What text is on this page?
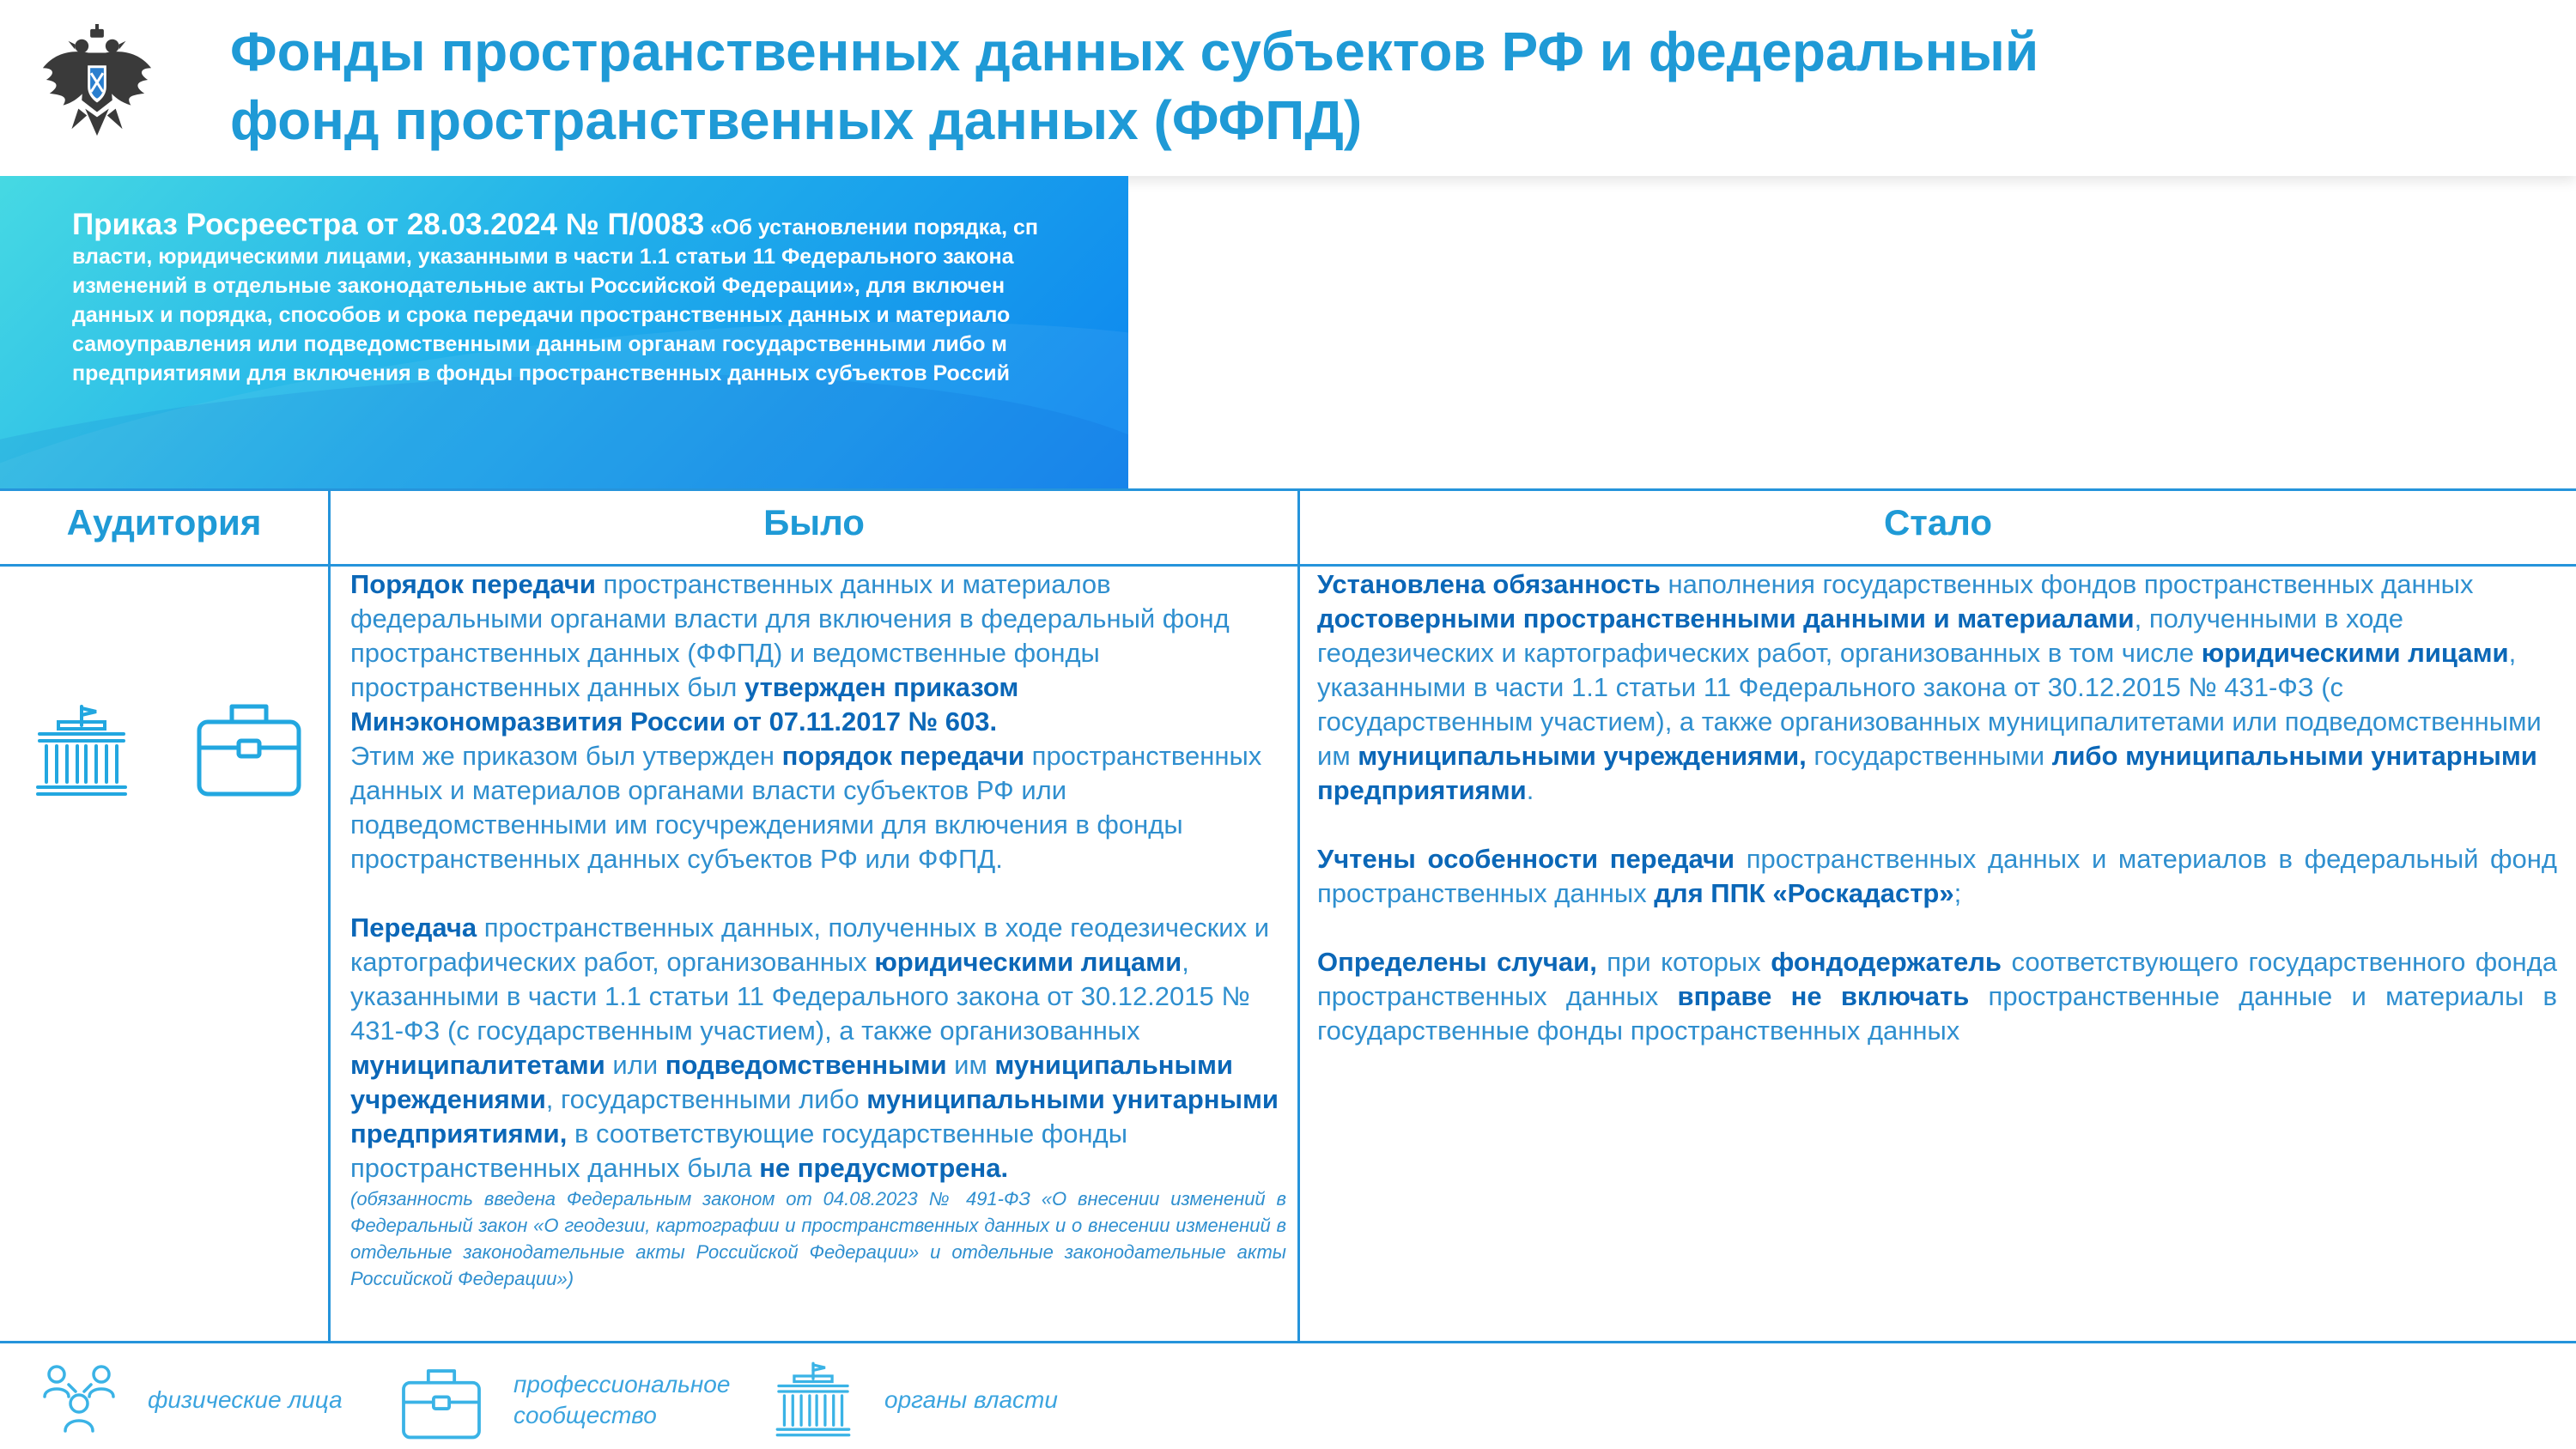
Фонды пространственных данных субъектов РФ и федеральный
фонд пространственных данных (ФФПД)
Приказ Росреестра от 28.03.2024 № П/0083 «Об установлении порядка, сп
власти, юридическими лицами, указанными в части 1.1 статьи 11 Федерального закона
изменений в отдельные законодательные акты Российской Федерации», для включен
данных и порядка, способов и срока передачи пространственных данных и материало
самоуправления или подведомственными данным органам государственными либо м
предприятиями для включения в фонды пространственных данных субъектов Россий
Аудитория	Было	Стало

Порядок передачи пространственных данных и материалов федеральными органами власти для включения в федеральный фонд пространственных данных (ФФПД) и ведомственные фонды пространственных данных был утвержден приказом Минэкономразвития России от 07.11.2017 № 603.

Этим же приказом был утвержден порядок передачи пространственных данных и материалов органами власти субъектов РФ или подведомственными им госучреждениями для включения в фонды пространственных данных субъектов РФ или ФФПД.

Передача пространственных данных, полученных в ходе геодезических и картографических работ, организованных юридическими лицами, указанными в части 1.1 статьи 11 Федерального закона от 30.12.2015 № 431-ФЗ (с государственным участием), а также организованных муниципалитетами или подведомственными им муниципальными учреждениями, государственными либо муниципальными унитарными предприятиями, в соответствующие государственные фонды пространственных данных была не предусмотрена.

(обязанность введена Федеральным законом от 04.08.2023 № 491-ФЗ «О внесении изменений в Федеральный закон «О геодезии, картографии и пространственных данных и о внесении изменений в отдельные законодательные акты Российской Федерации» и отдельные законодательные акты Российской Федерации»)

Установлена обязанность наполнения государственных фондов пространственных данных достоверными пространственными данными и материалами, полученными в ходе геодезических и картографических работ, организованных в том числе юридическими лицами, указанными в части 1.1 статьи 11 Федерального закона от 30.12.2015 № 431-ФЗ (с государственным участием), а также организованных муниципалитетами или подведомственными им муниципальными учреждениями, государственными либо муниципальными унитарными предприятиями.

Учтены особенности передачи пространственных данных и материалов в федеральный фонд пространственных данных для ППК «Роскадастр»;

Определены случаи, при которых фондодержатель соответствующего государственного фонда пространственных данных вправе не включать пространственные данные и материалы в государственные фонды пространственных данных

физические лица
профессиональное
сообщество
органы власти
